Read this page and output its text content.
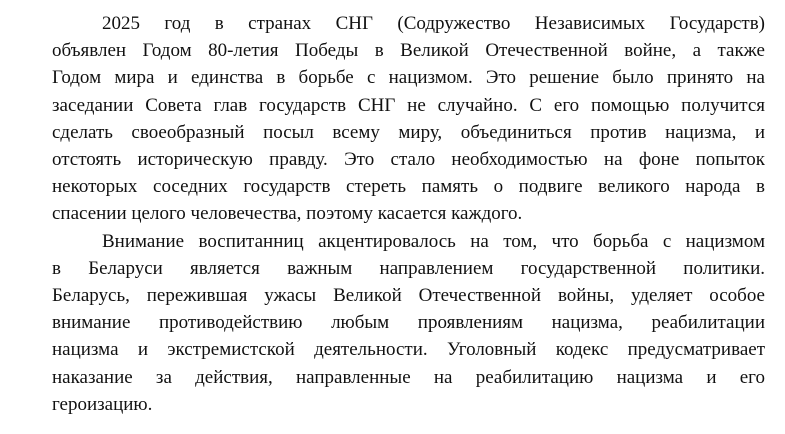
2025 год в странах СНГ (Содружество Независимых Государств)
объявлен Годом 80-летия Победы в Великой Отечественной войне, а также
Годом мира и единства в борьбе с нацизмом. Это решение было принято на
заседании Совета глав государств СНГ не случайно. С его помощью получится
сделать своеобразный посыл всему миру, объединиться против нацизма, и
отстоять историческую правду. Это стало необходимостью на фоне попыток
некоторых соседних государств стереть память о подвиге великого народа в
спасении целого человечества, поэтому касается каждого.

Внимание воспитанниц акцентировалось на том, что борьба с нацизмом
в Беларуси является важным направлением государственной политики.
Беларусь, пережившая ужасы Великой Отечественной войны, уделяет особое
внимание противодействию любым проявлениям нацизма, реабилитации
нацизма и экстремистской деятельности. Уголовный кодекс предусматривает
наказание за действия, направленные на реабилитацию нацизма и его
героизацию.
